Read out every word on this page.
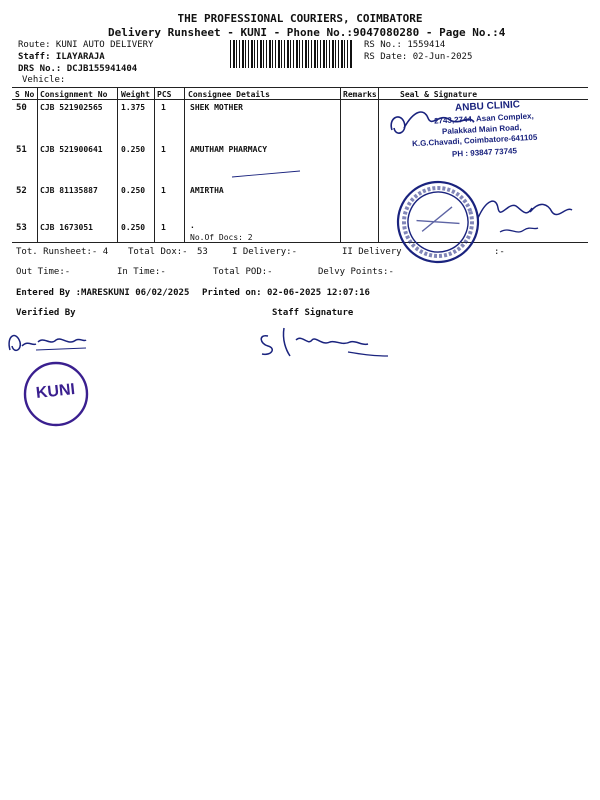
THE PROFESSIONAL COURIERS, COIMBATORE
Delivery Runsheet - KUNI - Phone No.:9047080280 - Page No.:4
Route: KUNI AUTO DELIVERY
Staff: ILAYARAJA
DRS No.: DCJB155941404
Vehicle:
RS No.: 1559414
RS Date: 02-Jun-2025
S No Consignment No Weight PCS Consignee Details	Remarks	Seal & Signature
50 CJB 521902565 1.375 1	SHEK MOTHER
51 CJB 521900641 0.250 1	AMUTHAM PHARMACY
52 CJB 81135887	0.250 1	AMIRTHA
53 CJB 1673051	0.250 1	.
No.Of Docs: 2
Tot. Runsheet:- 4 Total Dox:- 53	I Delivery:-	II Delivery	:-
Out Time:-	In Time:-	Total POD:-	Delvy Points:-
Entered By :MARESKUNI 06/02/2025 Printed on: 02-06-2025 12:07:16
Verified By	Staff Signature
ANBU CLINIC
2743,2744, Asan Complex,
Palakkad Main Road,
K.G.Chavadi, Coimbatore-641105
PH : 93847 73745
KUNI
